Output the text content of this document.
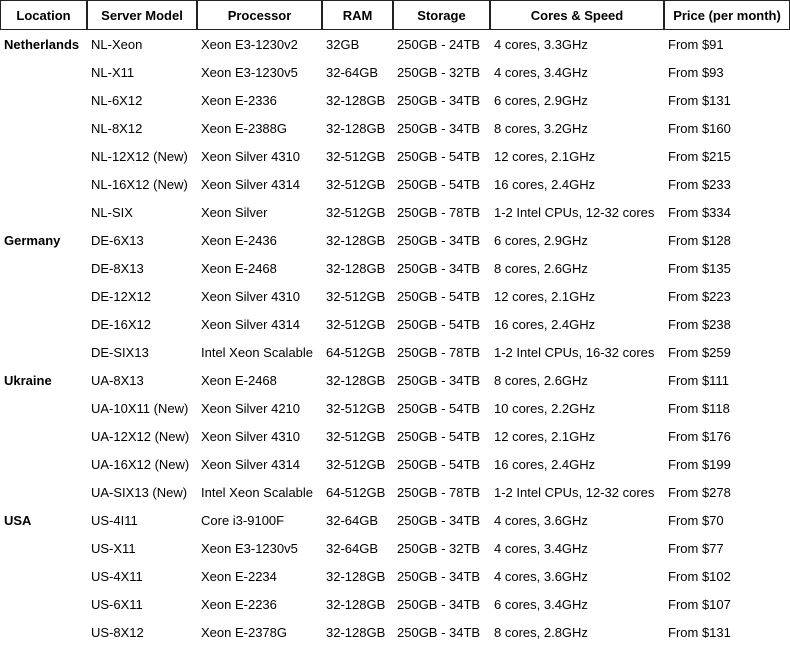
Location	Server Model	Processor	RAM	Storage	Cores & Speed	Price (per month)
Netherlands	NL-Xeon	Xeon E3-1230v2	32GB	250GB - 24TB	4 cores, 3.3GHz	From $91
	NL-X11	Xeon E3-1230v5	32-64GB	250GB - 32TB	4 cores, 3.4GHz	From $93
	NL-6X12	Xeon E-2336	32-128GB	250GB - 34TB	6 cores, 2.9GHz	From $131
	NL-8X12	Xeon E-2388G	32-128GB	250GB - 34TB	8 cores, 3.2GHz	From $160
	NL-12X12 (New)	Xeon Silver 4310	32-512GB	250GB - 54TB	12 cores, 2.1GHz	From $215
	NL-16X12 (New)	Xeon Silver 4314	32-512GB	250GB - 54TB	16 cores, 2.4GHz	From $233
	NL-SIX	Xeon Silver	32-512GB	250GB - 78TB	1-2 Intel CPUs, 12-32 cores	From $334
Germany	DE-6X13	Xeon E-2436	32-128GB	250GB - 34TB	6 cores, 2.9GHz	From $128
	DE-8X13	Xeon E-2468	32-128GB	250GB - 34TB	8 cores, 2.6GHz	From $135
	DE-12X12	Xeon Silver 4310	32-512GB	250GB - 54TB	12 cores, 2.1GHz	From $223
	DE-16X12	Xeon Silver 4314	32-512GB	250GB - 54TB	16 cores, 2.4GHz	From $238
	DE-SIX13	Intel Xeon Scalable	64-512GB	250GB - 78TB	1-2 Intel CPUs, 16-32 cores	From $259
Ukraine	UA-8X13	Xeon E-2468	32-128GB	250GB - 34TB	8 cores, 2.6GHz	From $111
	UA-10X11 (New)	Xeon Silver 4210	32-512GB	250GB - 54TB	10 cores, 2.2GHz	From $118
	UA-12X12 (New)	Xeon Silver 4310	32-512GB	250GB - 54TB	12 cores, 2.1GHz	From $176
	UA-16X12 (New)	Xeon Silver 4314	32-512GB	250GB - 54TB	16 cores, 2.4GHz	From $199
	UA-SIX13 (New)	Intel Xeon Scalable	64-512GB	250GB - 78TB	1-2 Intel CPUs, 12-32 cores	From $278
USA	US-4I11	Core i3-9100F	32-64GB	250GB - 34TB	4 cores, 3.6GHz	From $70
	US-X11	Xeon E3-1230v5	32-64GB	250GB - 32TB	4 cores, 3.4GHz	From $77
	US-4X11	Xeon E-2234	32-128GB	250GB - 34TB	4 cores, 3.6GHz	From $102
	US-6X11	Xeon E-2236	32-128GB	250GB - 34TB	6 cores, 3.4GHz	From $107
	US-8X12	Xeon E-2378G	32-128GB	250GB - 34TB	8 cores, 2.8GHz	From $131
